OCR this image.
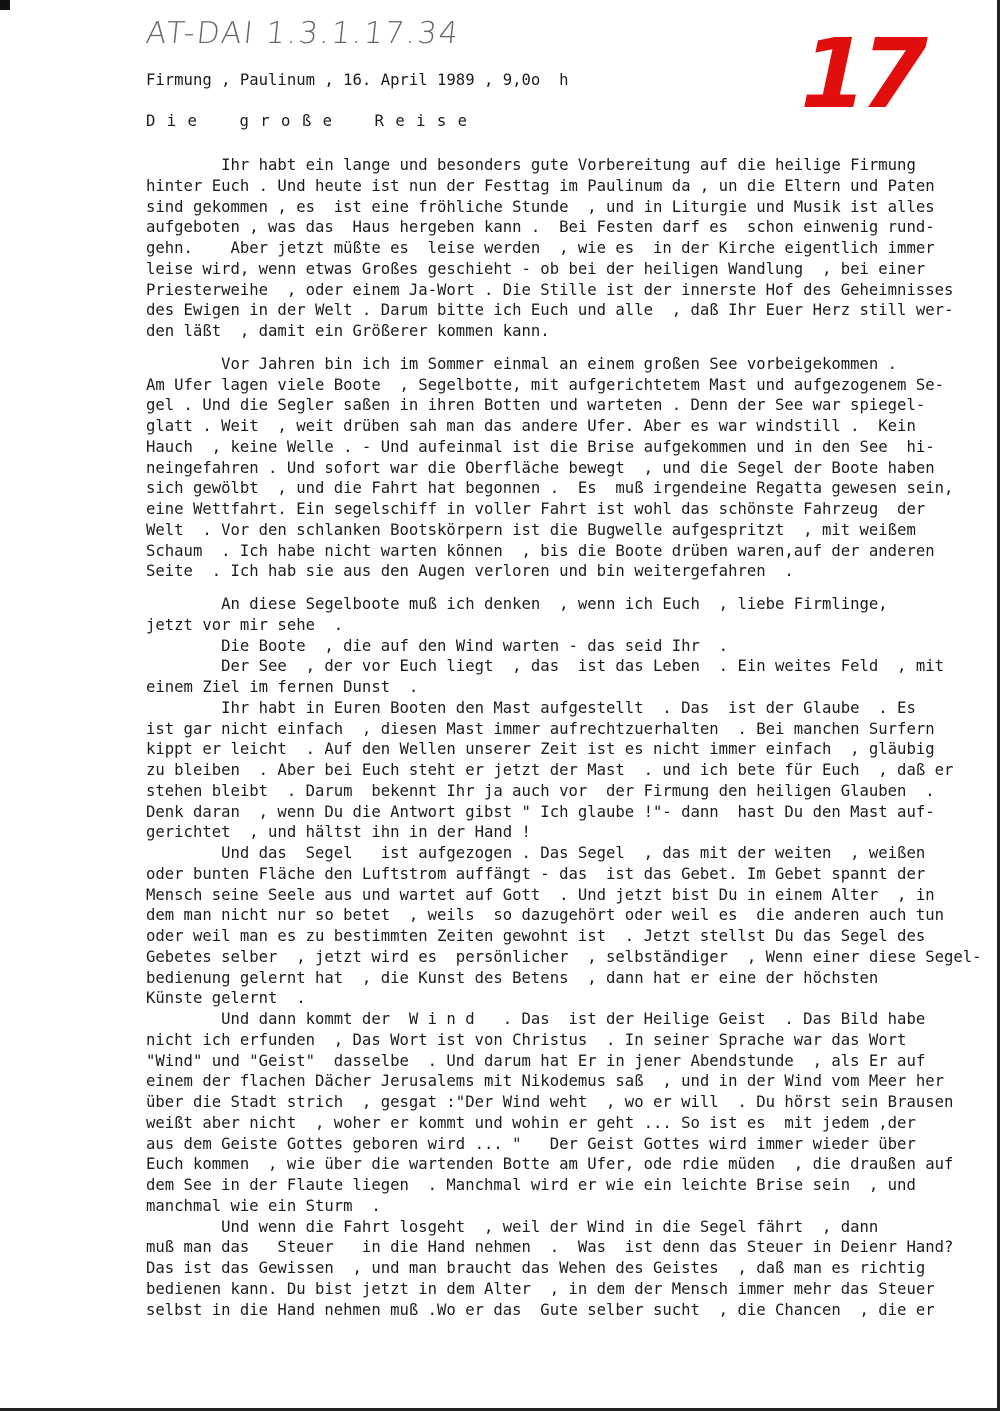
AT-DAI 1.3.1.17.34	17
Firmung , Paulinum , 16. April 1989 , 9,0o  h
D i e    g r o ß e    R e i s e
Ihr habt ein lange und besonders gute Vorbereitung auf die heilige Firmung
hinter Euch . Und heute ist nun der Festtag im Paulinum da , un die Eltern und Paten
sind gekommen , es  ist eine fröhliche Stunde  , und in Liturgie und Musik ist alles
aufgeboten , was das  Haus hergeben kann .  Bei Festen darf es  schon einwenig rund-
gehn.    Aber jetzt müßte es  leise werden  , wie es  in der Kirche eigentlich immer
leise wird, wenn etwas Großes geschieht - ob bei der heiligen Wandlung  , bei einer
Priesterweihe  , oder einem Ja-Wort . Die Stille ist der innerste Hof des Geheimnisses
des Ewigen in der Welt . Darum bitte ich Euch und alle  , daß Ihr Euer Herz still wer-
den läßt  , damit ein Größerer kommen kann.
Vor Jahren bin ich im Sommer einmal an einem großen See vorbeigekommen .
Am Ufer lagen viele Boote  , Segelbotte, mit aufgerichtetem Mast und aufgezogenem Se-
gel . Und die Segler saßen in ihren Botten und warteten . Denn der See war spiegel-
glatt . Weit  , weit drüben sah man das andere Ufer. Aber es war windstill .  Kein
Hauch  , keine Welle . - Und aufeinmal ist die Brise aufgekommen und in den See  hi-
neingefahren . Und sofort war die Oberfläche bewegt  , und die Segel der Boote haben
sich gewölbt  , und die Fahrt hat begonnen .  Es  muß irgendeine Regatta gewesen sein,
eine Wettfahrt. Ein segelschiff in voller Fahrt ist wohl das schönste Fahrzeug  der
Welt  . Vor den schlanken Bootskörpern ist die Bugwelle aufgespritzt  , mit weißem
Schaum  . Ich habe nicht warten können  , bis die Boote drüben waren,auf der anderen
Seite  . Ich hab sie aus den Augen verloren und bin weitergefahren  .
An diese Segelboote muß ich denken  , wenn ich Euch  , liebe Firmlinge,
jetzt vor mir sehe  .
Die Boote  , die auf den Wind warten - das seid Ihr  .
Der See  , der vor Euch liegt  , das  ist das Leben  . Ein weites Feld  , mit
einem Ziel im fernen Dunst  .
Ihr habt in Euren Booten den Mast aufgestellt  . Das  ist der Glaube  . Es
ist gar nicht einfach  , diesen Mast immer aufrechtzuerhalten  . Bei manchen Surfern
kippt er leicht  . Auf den Wellen unserer Zeit ist es nicht immer einfach  , gläubig
zu bleiben  . Aber bei Euch steht er jetzt der Mast  . und ich bete für Euch  , daß er
stehen bleibt  . Darum  bekennt Ihr ja auch vor  der Firmung den heiligen Glauben  .
Denk daran  , wenn Du die Antwort gibst " Ich glaube !"- dann  hast Du den Mast auf-
gerichtet  , und hältst ihn in der Hand !
Und das  Segel   ist aufgezogen . Das Segel  , das mit der weiten  , weißen
oder bunten Fläche den Luftstrom auffängt - das  ist das Gebet. Im Gebet spannt der
Mensch seine Seele aus und wartet auf Gott  . Und jetzt bist Du in einem Alter  , in
dem man nicht nur so betet  , weils  so dazugehört oder weil es  die anderen auch tun
oder weil man es zu bestimmten Zeiten gewohnt ist  . Jetzt stellst Du das Segel des
Gebetes selber  , jetzt wird es  persönlicher  , selbständiger  , Wenn einer diese Segel-
bedienung gelernt hat  , die Kunst des Betens  , dann hat er eine der höchsten
Künste gelernt  .
Und dann kommt der  W i n d   . Das  ist der Heilige Geist  . Das Bild habe
nicht ich erfunden  , Das Wort ist von Christus  . In seiner Sprache war das Wort
"Wind" und "Geist"  dasselbe  . Und darum hat Er in jener Abendstunde  , als Er auf
einem der flachen Dächer Jerusalems mit Nikodemus saß  , und in der Wind vom Meer her
über die Stadt strich  , gesgat :"Der Wind weht  , wo er will  . Du hörst sein Brausen
weißt aber nicht  , woher er kommt und wohin er geht ... So ist es  mit jedem ,der
aus dem Geiste Gottes geboren wird ... "   Der Geist Gottes wird immer wieder über
Euch kommen  , wie über die wartenden Botte am Ufer, ode rdie müden  , die draußen auf
dem See in der Flaute liegen  . Manchmal wird er wie ein leichte Brise sein  , und
manchmal wie ein Sturm  .
Und wenn die Fahrt losgeht  , weil der Wind in die Segel fährt  , dann
muß man das   Steuer   in die Hand nehmen  .  Was  ist denn das Steuer in Deienr Hand?
Das ist das Gewissen  , und man braucht das Wehen des Geistes  , daß man es richtig
bedienen kann. Du bist jetzt in dem Alter  , in dem der Mensch immer mehr das Steuer
selbst in die Hand nehmen muß .Wo er das  Gute selber sucht  , die Chancen  , die er
